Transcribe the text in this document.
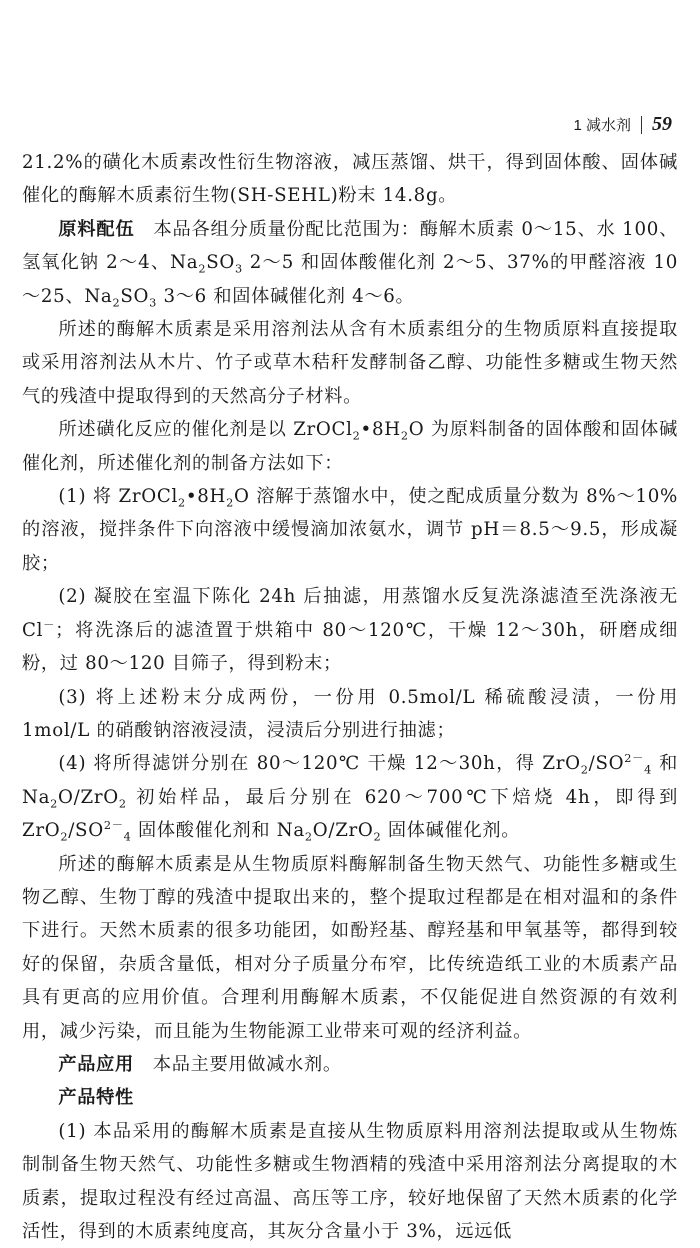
1 减水剂 59

21.2%的磺化木质素改性衍生物溶液，减压蒸馏、烘干，得到固体酸、固体碱催化的酶解木质素衍生物(SH-SEHL)粉末 14.8g。

原料配伍　 本品各组分质量份配比范围为：酶解木质素 0～15、水 100、氢氧化钠 2～4、$Na_2SO_3$ 2～5 和固体酸催化剂 2～5、37%的甲醛溶液 10～25、$Na_2SO_3$ 3～6 和固体碱催化剂 4～6。

所述的酶解木质素是采用溶剂法从含有木质素组分的生物质原料直接提取或采用溶剂法从木片、竹子或草木秸秆发酵制备乙醇、功能性多糖或生物天然气的残渣中提取得到的天然高分子材料。

所述磺化反应的催化剂是以 $ZrOCl_2•8H_2O$ 为原料制备的固体酸和固体碱催化剂，所述催化剂的制备方法如下：

(1) 将 $ZrOCl_2•8H_2O$ 溶解于蒸馏水中，使之配成质量分数为 8%～10%的溶液，搅拌条件下向溶液中缓慢滴加浓氨水，调节 pH＝8.5～9.5，形成凝胶；

(2) 凝胶在室温下陈化 24h 后抽滤，用蒸馏水反复洗涤滤渣至洗涤液无 Cl－；将洗涤后的滤渣置于烘箱中 80～120℃，干燥 12～30h，研磨成细粉，过 80～120 目筛子，得到粉末；

(3) 将上述粉末分成两份，一份用 0.5mol/L 稀硫酸浸渍，一份用 1mol/L 的硝酸钠溶液浸渍，浸渍后分别进行抽滤；

(4) 将所得滤饼分别在 80～120℃ 干燥 12～30h，得 $ZrO_2/SO^{2-}_4$ 和 $Na_2O/ZrO_2$ 初始样品，最后分别在 620～700℃下焙烧 4h，即得到 $ZrO_2/SO^{2-}_4$ 固体酸催化剂和 $Na_2O/ZrO_2$ 固体碱催化剂。

所述的酶解木质素是从生物质原料酶解制备生物天然气、功能性多糖或生物乙醇、生物丁醇的残渣中提取出来的，整个提取过程都是在相对温和的条件下进行。天然木质素的很多功能团，如酚羟基、醇羟基和甲氧基等，都得到较好的保留，杂质含量低，相对分子质量分布窄，比传统造纸工业的木质素产品具有更高的应用价值。合理利用酶解木质素，不仅能促进自然资源的有效利用，减少污染，而且能为生物能源工业带来可观的经济利益。

产品应用　 本品主要用做减水剂。

产品特性

(1) 本品采用的酶解木质素是直接从生物质原料用溶剂法提取或从生物炼制制备生物天然气、功能性多糖或生物酒精的残渣中采用溶剂法分离提取的木质素，提取过程没有经过高温、高压等工序，较好地保留了天然木质素的化学活性，得到的木质素纯度高，其灰分含量小于 3%，远远低
